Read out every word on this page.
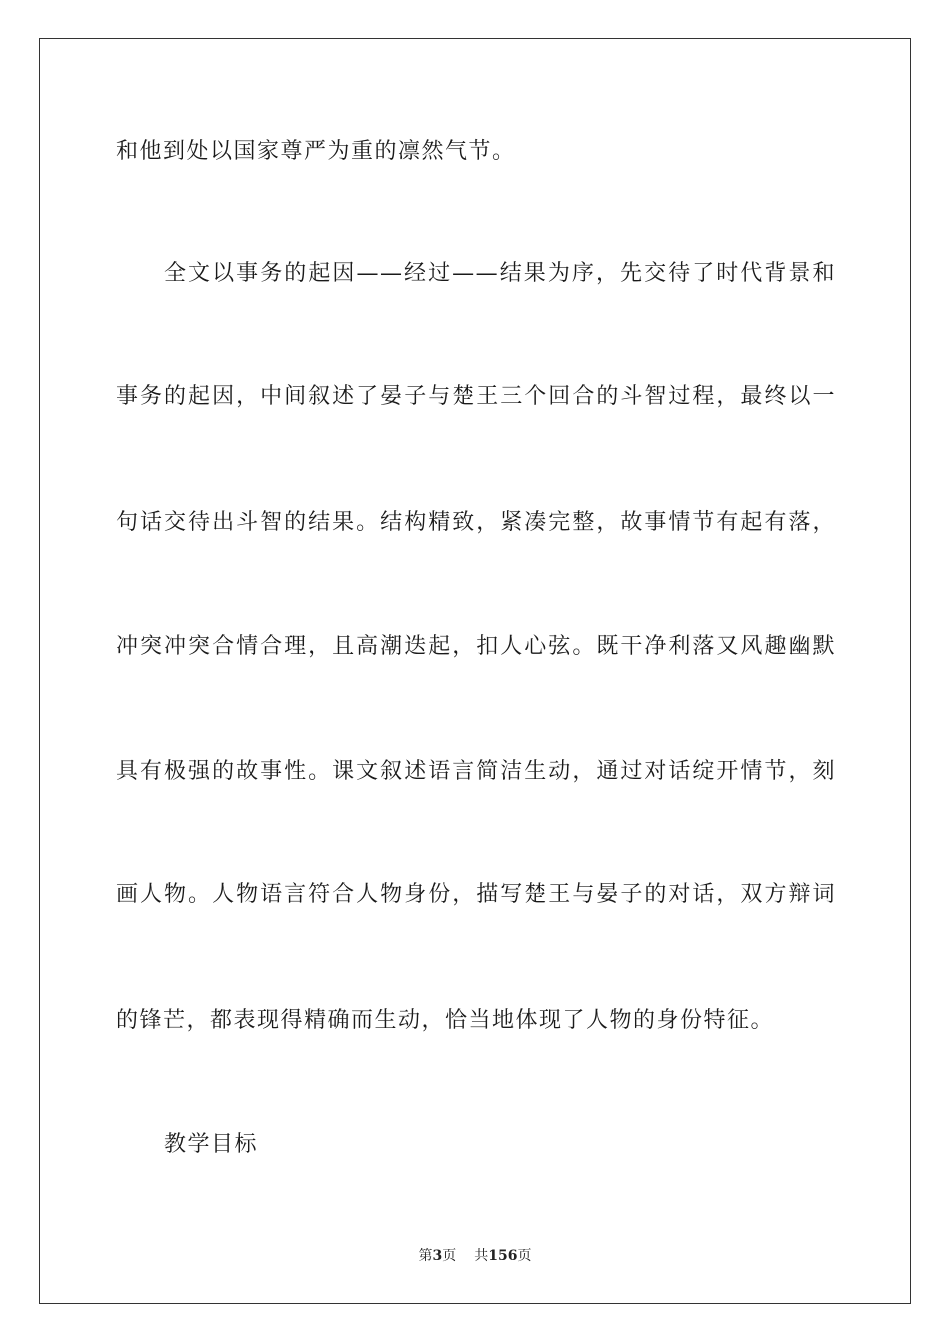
和他到处以国家尊严为重的凛然气节。
全文以事务的起因——经过——结果为序，先交待了时代背景和
事务的起因，中间叙述了晏子与楚王三个回合的斗智过程，最终以一
句话交待出斗智的结果。结构精致，紧凑完整，故事情节有起有落，
冲突冲突合情合理，且高潮迭起，扣人心弦。既干净利落又风趣幽默
具有极强的故事性。课文叙述语言简洁生动，通过对话绽开情节，刻
画人物。人物语言符合人物身份，描写楚王与晏子的对话，双方辩词
的锋芒，都表现得精确而生动，恰当地体现了人物的身份特征。
教学目标
第3页 共156页
